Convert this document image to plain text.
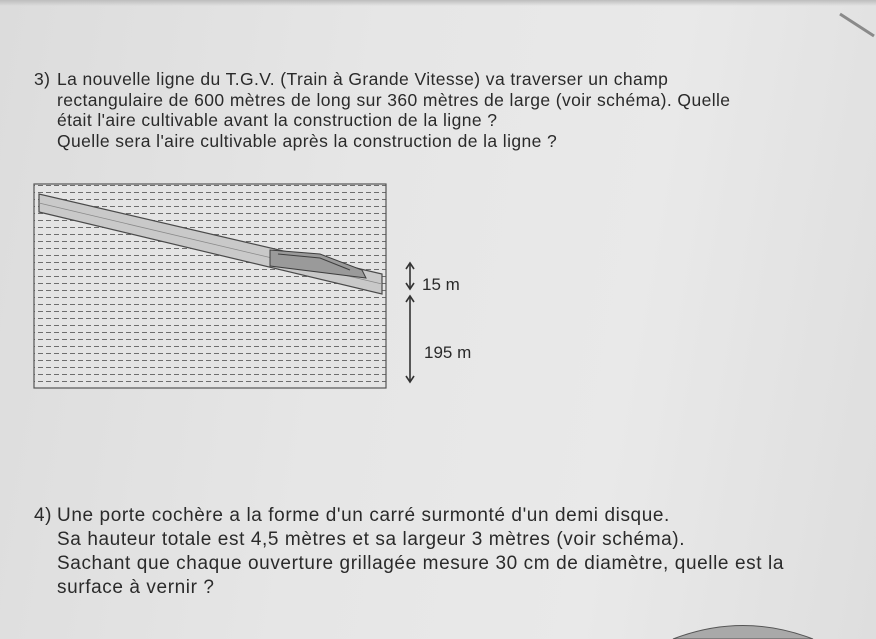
3) La nouvelle ligne du T.G.V. (Train à Grande Vitesse) va traverser un champ
rectangulaire de 600 mètres de long sur 360 mètres de large (voir schéma). Quelle
était l'aire cultivable avant la construction de la ligne ?
Quelle sera l'aire cultivable après la construction de la ligne ?
15 m
195 m
4) Une porte cochère a la forme d'un carré surmonté d'un demi disque.
Sa hauteur totale est 4,5 mètres et sa largeur 3 mètres (voir schéma).
Sachant que chaque ouverture grillagée mesure 30 cm de diamètre, quelle est la
surface à vernir ?
